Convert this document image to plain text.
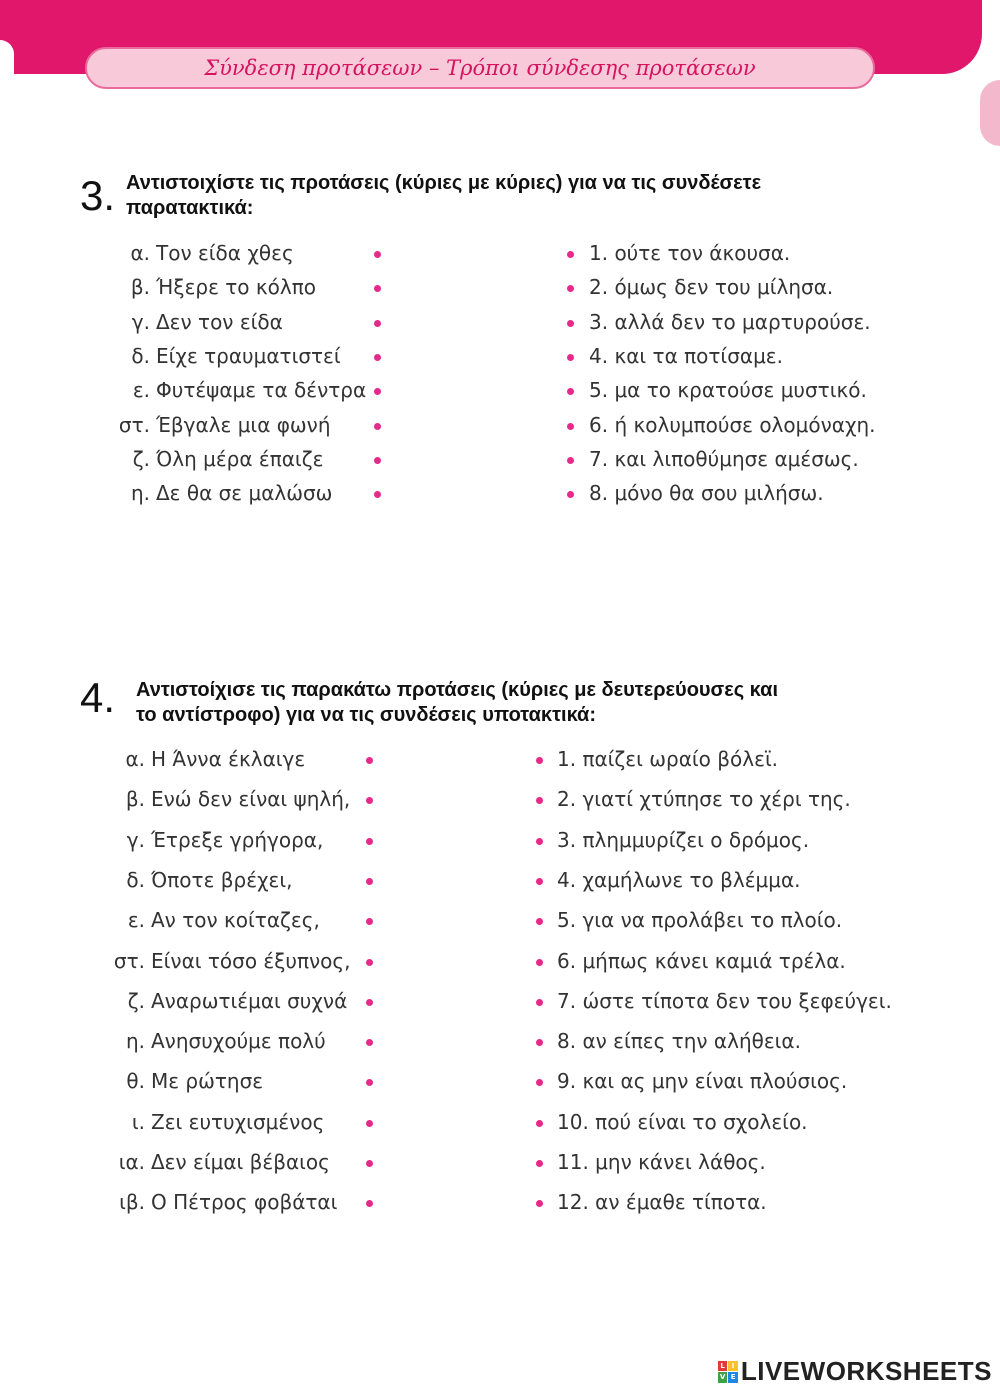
Σύνδεση προτάσεων – Τρόποι σύνδεσης προτάσεων
3. Αντιστοιχίστε τις προτάσεις (κύριες με κύριες) για να τις συνδέσετε
παρατακτικά:
α. Τον είδα χθες	1. ούτε τον άκουσα.
β. Ήξερε το κόλπο	2. όμως δεν του μίλησα.
γ. Δεν τον είδα	3. αλλά δεν το μαρτυρούσε.
δ. Είχε τραυματιστεί	4. και τα ποτίσαμε.
ε. Φυτέψαμε τα δέντρα	5. μα το κρατούσε μυστικό.
στ. Έβγαλε μια φωνή	6. ή κολυμπούσε ολομόναχη.
ζ. Όλη μέρα έπαιζε	7. και λιποθύμησε αμέσως.
η. Δε θα σε μαλώσω	8. μόνο θα σου μιλήσω.
4. Αντιστοίχισε τις παρακάτω προτάσεις (κύριες με δευτερεύουσες και
το αντίστροφο) για να τις συνδέσεις υποτακτικά:
α. Η Άννα έκλαιγε	1. παίζει ωραίο βόλεϊ.
β. Ενώ δεν είναι ψηλή,	2. γιατί χτύπησε το χέρι της.
γ. Έτρεξε γρήγορα,	3. πλημμυρίζει ο δρόμος.
δ. Όποτε βρέχει,	4. χαμήλωνε το βλέμμα.
ε. Αν τον κοίταζες,	5. για να προλάβει το πλοίο.
στ. Είναι τόσο έξυπνος,	6. μήπως κάνει καμιά τρέλα.
ζ. Αναρωτιέμαι συχνά	7. ώστε τίποτα δεν του ξεφεύγει.
η. Ανησυχούμε πολύ	8. αν είπες την αλήθεια.
θ. Με ρώτησε	9. και ας μην είναι πλούσιος.
ι. Ζει ευτυχισμένος	10. πού είναι το σχολείο.
ια. Δεν είμαι βέβαιος	11. μην κάνει λάθος.
ιβ. Ο Πέτρος φοβάται	12. αν έμαθε τίποτα.
L I
V E LIVEWORKSHEETS
